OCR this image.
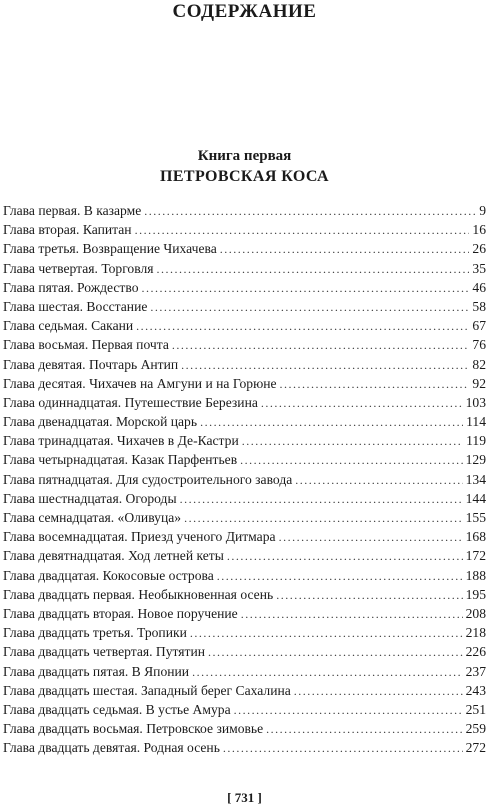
СОДЕРЖАНИЕ
Книга первая
ПЕТРОВСКАЯ КОСА
Глава первая. В казарме .....	9
Глава вторая. Капитан .....	16
Глава третья. Возвращение Чихачева .....	26
Глава четвертая. Торговля .....	35
Глава пятая. Рождество .....	46
Глава шестая. Восстание .....	58
Глава седьмая. Сакани .....	67
Глава восьмая. Первая почта .....	76
Глава девятая. Почтарь Антип .....	82
Глава десятая. Чихачев на Амгуни и на Горюне .....	92
Глава одиннадцатая. Путешествие Березина .....	103
Глава двенадцатая. Морской царь .....	114
Глава тринадцатая. Чихачев в Де-Кастри .....	119
Глава четырнадцатая. Казак Парфентьев .....	129
Глава пятнадцатая. Для судостроительного завода .....	134
Глава шестнадцатая. Огороды .....	144
Глава семнадцатая. «Оливуца» .....	155
Глава восемнадцатая. Приезд ученого Дитмара .....	168
Глава девятнадцатая. Ход летней кеты .....	172
Глава двадцатая. Кокосовые острова .....	188
Глава двадцать первая. Необыкновенная осень .....	195
Глава двадцать вторая. Новое поручение .....	208
Глава двадцать третья. Тропики .....	218
Глава двадцать четвертая. Путятин .....	226
Глава двадцать пятая. В Японии .....	237
Глава двадцать шестая. Западный берег Сахалина .....	243
Глава двадцать седьмая. В устье Амура .....	251
Глава двадцать восьмая. Петровское зимовье .....	259
Глава двадцать девятая. Родная осень .....	272
[ 731 ]
